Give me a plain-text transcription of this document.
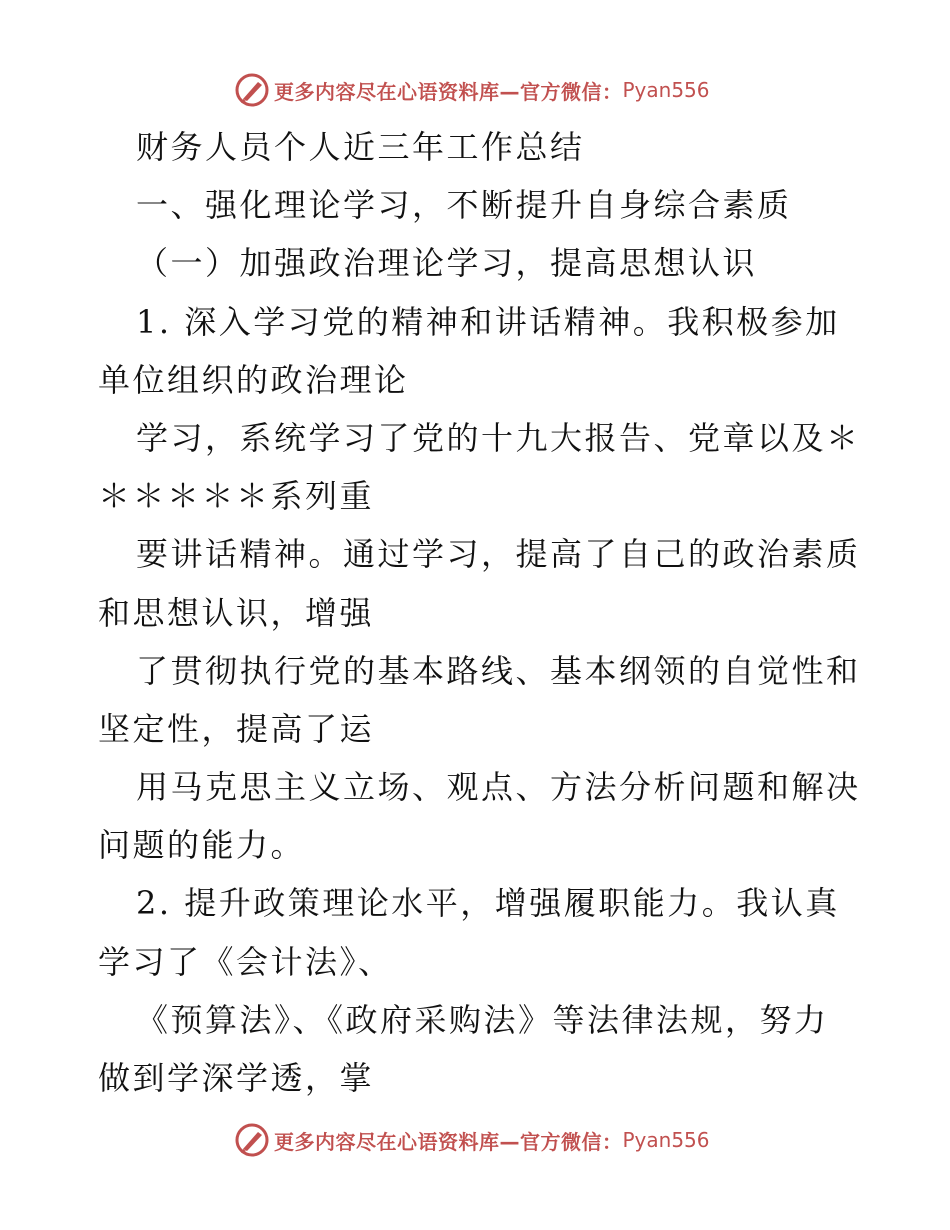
更多内容尽在心语资料库—官方微信： Pyan556
财务人员个人近三年工作总结
一、强化理论学习，不断提升自身综合素质
（一）加强政治理论学习，提高思想认识
1. 深入学习党的精神和讲话精神。我积极参加
单位组织的政治理论
学习，系统学习了党的十九大报告、党章以及＊
＊＊＊＊＊系列重
要讲话精神。通过学习，提高了自己的政治素质
和思想认识，增强
了贯彻执行党的基本路线、基本纲领的自觉性和
坚定性，提高了运
用马克思主义立场、观点、方法分析问题和解决
问题的能力。
2. 提升政策理论水平，增强履职能力。我认真
学习了《会计法》、
《预算法》、《政府采购法》等法律法规，努力
做到学深学透，掌
更多内容尽在心语资料库—官方微信： Pyan556
